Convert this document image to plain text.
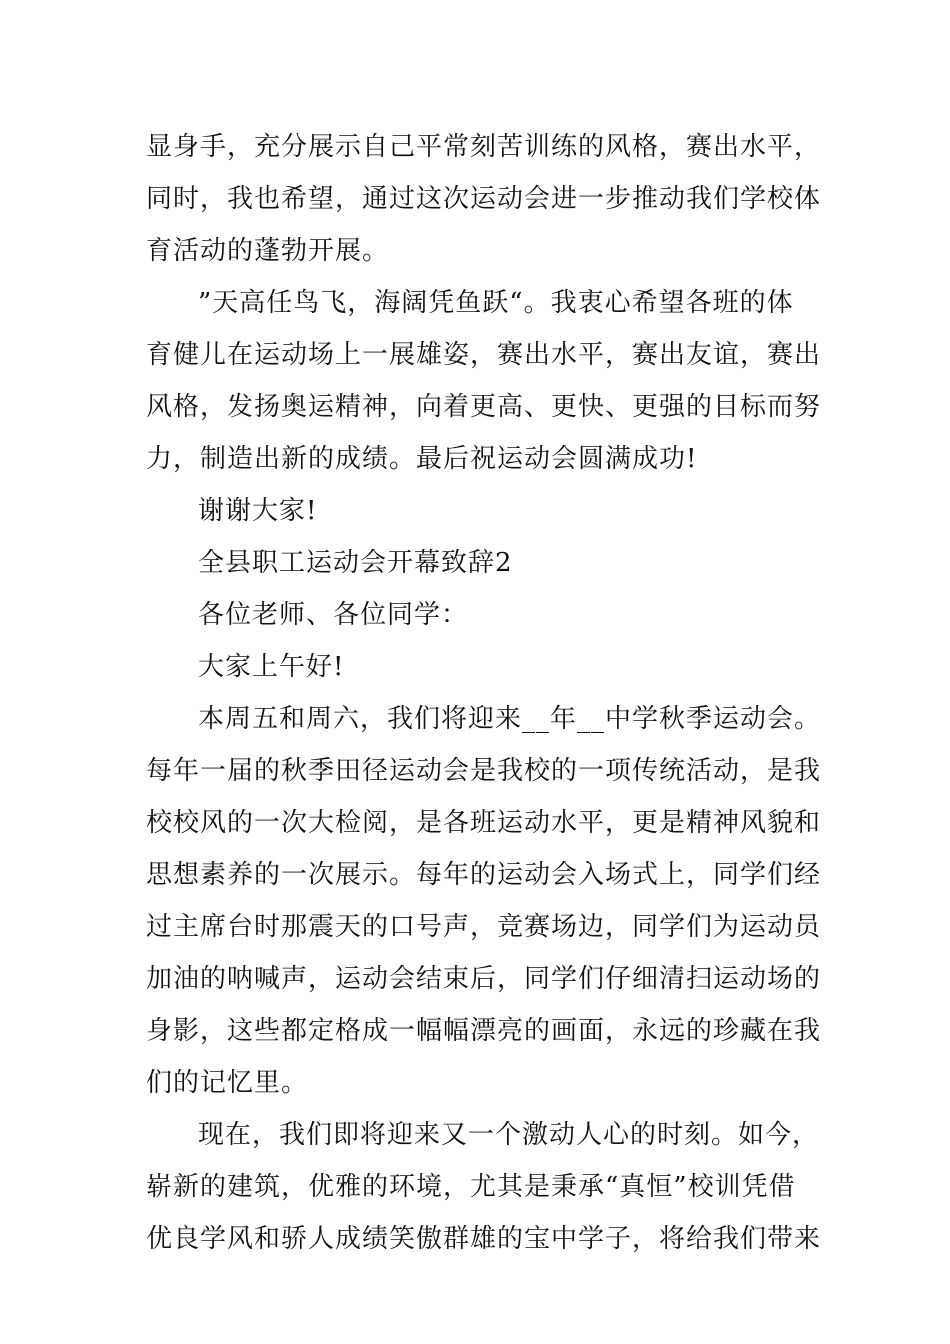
显身手，充分展示自己平常刻苦训练的风格，赛出水平，
同时，我也希望，通过这次运动会进一步推动我们学校体
育活动的蓬勃开展。

”天高任鸟飞，海阔凭鱼跃“。我衷心希望各班的体
育健儿在运动场上一展雄姿，赛出水平，赛出友谊，赛出
风格，发扬奥运精神，向着更高、更快、更强的目标而努
力，制造出新的成绩。最后祝运动会圆满成功!

谢谢大家!

全县职工运动会开幕致辞2

各位老师、各位同学：

大家上午好!

本周五和周六，我们将迎来__年__中学秋季运动会。
每年一届的秋季田径运动会是我校的一项传统活动，是我
校校风的一次大检阅，是各班运动水平，更是精神风貌和
思想素养的一次展示。每年的运动会入场式上，同学们经
过主席台时那震天的口号声，竞赛场边，同学们为运动员
加油的呐喊声，运动会结束后，同学们仔细清扫运动场的
身影，这些都定格成一幅幅漂亮的画面，永远的珍藏在我
们的记忆里。

现在，我们即将迎来又一个激动人心的时刻。如今，
崭新的建筑，优雅的环境，尤其是秉承“真恒”校训凭借
优良学风和骄人成绩笑傲群雄的宝中学子，将给我们带来
